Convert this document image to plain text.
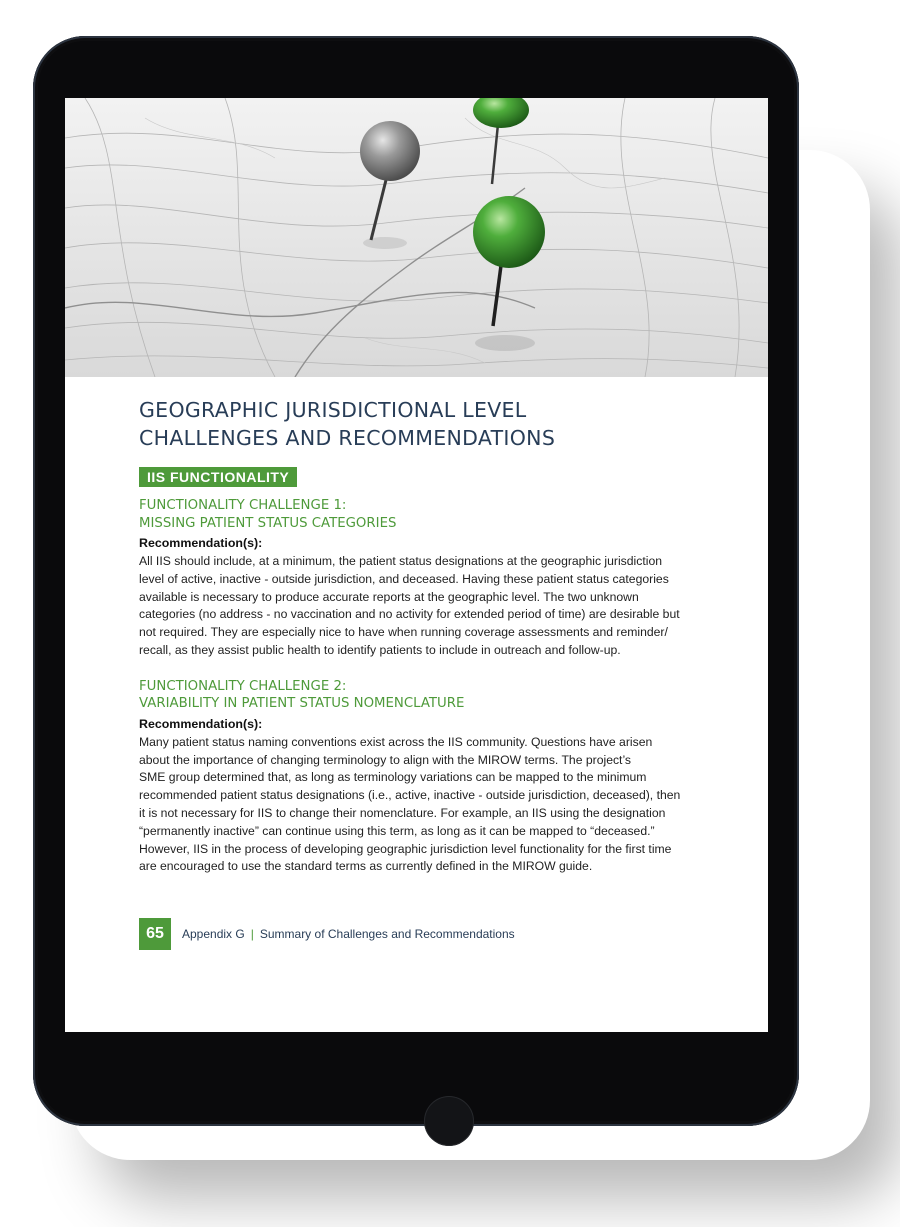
GEOGRAPHIC JURISDICTIONAL LEVEL
CHALLENGES AND RECOMMENDATIONS
IIS FUNCTIONALITY
FUNCTIONALITY CHALLENGE 1:
MISSING PATIENT STATUS CATEGORIES

Recommendation(s):

All IIS should include, at a minimum, the patient status designations at the geographic jurisdiction
level of active, inactive - outside jurisdiction, and deceased. Having these patient status categories
available is necessary to produce accurate reports at the geographic level. The two unknown
categories (no address - no vaccination and no activity for extended period of time) are desirable but
not required. They are especially nice to have when running coverage assessments and reminder/
recall, as they assist public health to identify patients to include in outreach and follow-up.

FUNCTIONALITY CHALLENGE 2:
VARIABILITY IN PATIENT STATUS NOMENCLATURE

Recommendation(s):

Many patient status naming conventions exist across the IIS community. Questions have arisen
about the importance of changing terminology to align with the MIROW terms. The project’s
SME group determined that, as long as terminology variations can be mapped to the minimum
recommended patient status designations (i.e., active, inactive - outside jurisdiction, deceased), then
it is not necessary for IIS to change their nomenclature. For example, an IIS using the designation
“permanently inactive” can continue using this term, as long as it can be mapped to “deceased.”
However, IIS in the process of developing geographic jurisdiction level functionality for the first time
are encouraged to use the standard terms as currently defined in the MIROW guide.

65	Appendix G | Summary of Challenges and Recommendations
